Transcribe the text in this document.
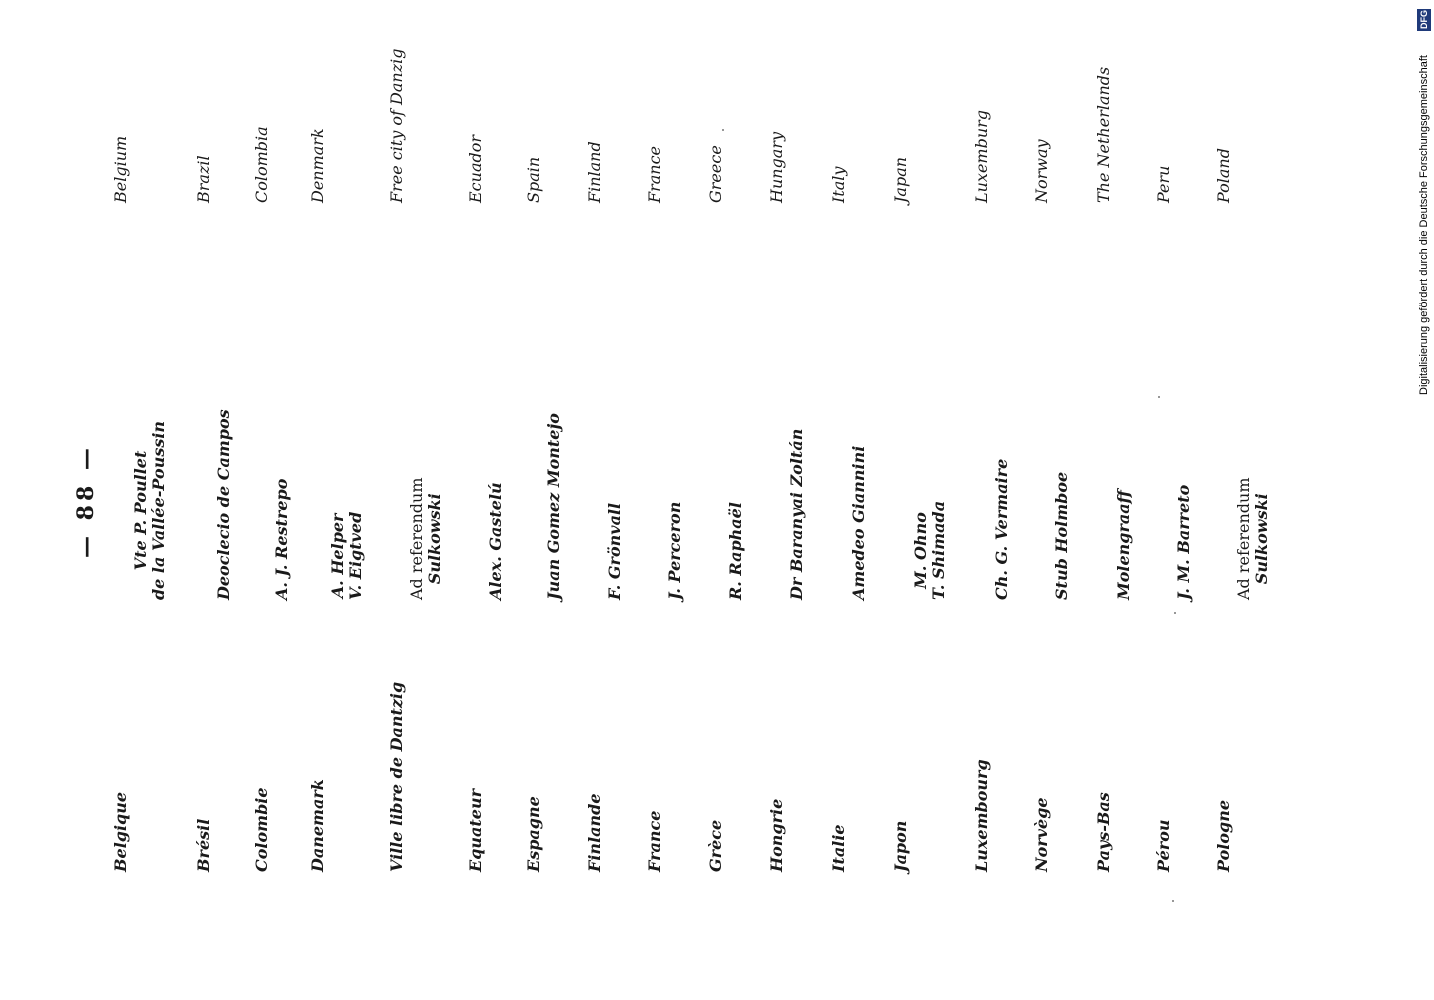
— 88 —
Belgique
Vte P. Poullet de la Vallée-Poussin
Belgium
Brésil
Deoclecio de Campos
Brazil
Colombie
A. J. Restrepo
Colombia
Danemark
A. Helper V. Eigtved
Denmark
Ville libre de Dantzig
Ad referendum Sulkowski
Free city of Danzig
Equateur
Alex. Gastelú
Ecuador
Espagne
Juan Gomez Montejo
Spain
Finlande
F. Grönvall
Finland
France
J. Perceron
France
Grèce
R. Raphaël
Greece
Hongrie
Dr Baranyai Zoltán
Hungary
Italie
Amedeo Giannini
Italy
Japon
M. Ohno T. Shimada
Japan
Luxembourg
Ch. G. Vermaire
Luxemburg
Norvège
Stub Holmboe
Norway
Pays-Bas
Molengraaff
The Netherlands
Pérou
J. M. Barreto
Peru
Pologne
Ad referendum Sulkowski
Poland	Digitalisierung gefördert durch die Deutsche Forschungsgemeinschaft
DFG
